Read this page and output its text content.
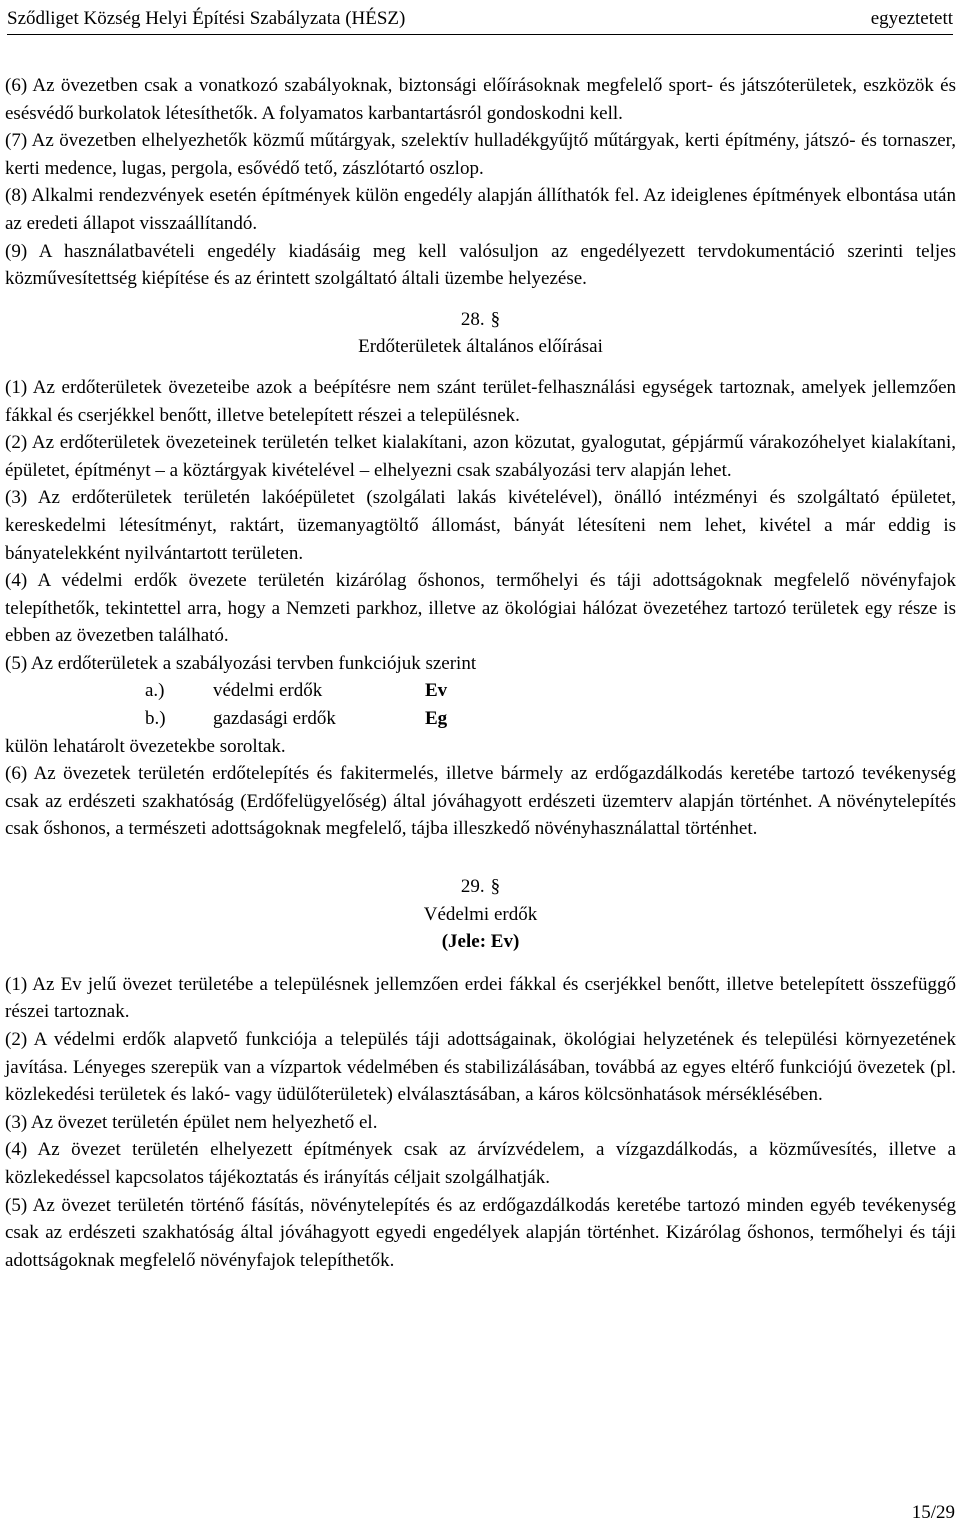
Sződliget Község Helyi Építési Szabályzata (HÉSZ)	egyeztetett

(6) Az övezetben csak a vonatkozó szabályoknak, biztonsági előírásoknak megfelelő sport- és játszóterületek, eszközök és esésvédő burkolatok létesíthetők. A folyamatos karbantartásról gondoskodni kell.

(7) Az övezetben elhelyezhetők közmű műtárgyak, szelektív hulladékgyűjtő műtárgyak, kerti építmény, játszó- és tornaszer, kerti medence, lugas, pergola, esővédő tető, zászlótartó oszlop.

(8) Alkalmi rendezvények esetén építmények külön engedély alapján állíthatók fel. Az ideiglenes építmények elbontása után az eredeti állapot visszaállítandó.

(9) A használatbavételi engedély kiadásáig meg kell valósuljon az engedélyezett tervdokumentáció szerinti teljes közművesítettség kiépítése és az érintett szolgáltató általi üzembe helyezése.

28. §

Erdőterületek általános előírásai

(1) Az erdőterületek övezeteibe azok a beépítésre nem szánt terület-felhasználási egységek tartoznak, amelyek jellemzően fákkal és cserjékkel benőtt, illetve betelepített részei a településnek.

(2) Az erdőterületek övezeteinek területén telket kialakítani, azon közutat, gyalogutat, gépjármű várakozóhelyet kialakítani, épületet, építményt – a köztárgyak kivételével – elhelyezni csak szabályozási terv alapján lehet.

(3) Az erdőterületek területén lakóépületet (szolgálati lakás kivételével), önálló intézményi és szolgáltató épületet, kereskedelmi létesítményt, raktárt, üzemanyagtöltő állomást, bányát létesíteni nem lehet, kivétel a már eddig is bányatelekként nyilvántartott területen.

(4) A védelmi erdők övezete területén kizárólag őshonos, termőhelyi és táji adottságoknak megfelelő növényfajok telepíthetők, tekintettel arra, hogy a Nemzeti parkhoz, illetve az ökológiai hálózat övezetéhez tartozó területek egy része is ebben az övezetben található.

(5) Az erdőterületek a szabályozási tervben funkciójuk szerint

a.)	védelmi erdők	Ev
b.) gazdasági erdők	Eg

külön lehatárolt övezetekbe soroltak.

(6) Az övezetek területén erdőtelepítés és fakitermelés, illetve bármely az erdőgazdálkodás keretébe tartozó tevékenység csak az erdészeti szakhatóság (Erdőfelügyelőség) által jóváhagyott erdészeti üzemterv alapján történhet. A növénytelepítés csak őshonos, a természeti adottságoknak megfelelő, tájba illeszkedő növényhasználattal történhet.

29. §

Védelmi erdők

(Jele: Ev)

(1) Az Ev jelű övezet területébe a településnek jellemzően erdei fákkal és cserjékkel benőtt, illetve betelepített összefüggő részei tartoznak.

(2) A védelmi erdők alapvető funkciója a település táji adottságainak, ökológiai helyzetének és települési környezetének javítása. Lényeges szerepük van a vízpartok védelmében és stabilizálásában, továbbá az egyes eltérő funkciójú övezetek (pl. közlekedési területek és lakó- vagy üdülőterületek) elválasztásában, a káros kölcsönhatások mérséklésében.

(3) Az övezet területén épület nem helyezhető el.

(4) Az övezet területén elhelyezett építmények csak az árvízvédelem, a vízgazdálkodás, a közművesítés, illetve a közlekedéssel kapcsolatos tájékoztatás és irányítás céljait szolgálhatják.

(5) Az övezet területén történő fásítás, növénytelepítés és az erdőgazdálkodás keretébe tartozó minden egyéb tevékenység csak az erdészeti szakhatóság által jóváhagyott egyedi engedélyek alapján történhet. Kizárólag őshonos, termőhelyi és táji adottságoknak megfelelő növényfajok telepíthetők.

15/29
